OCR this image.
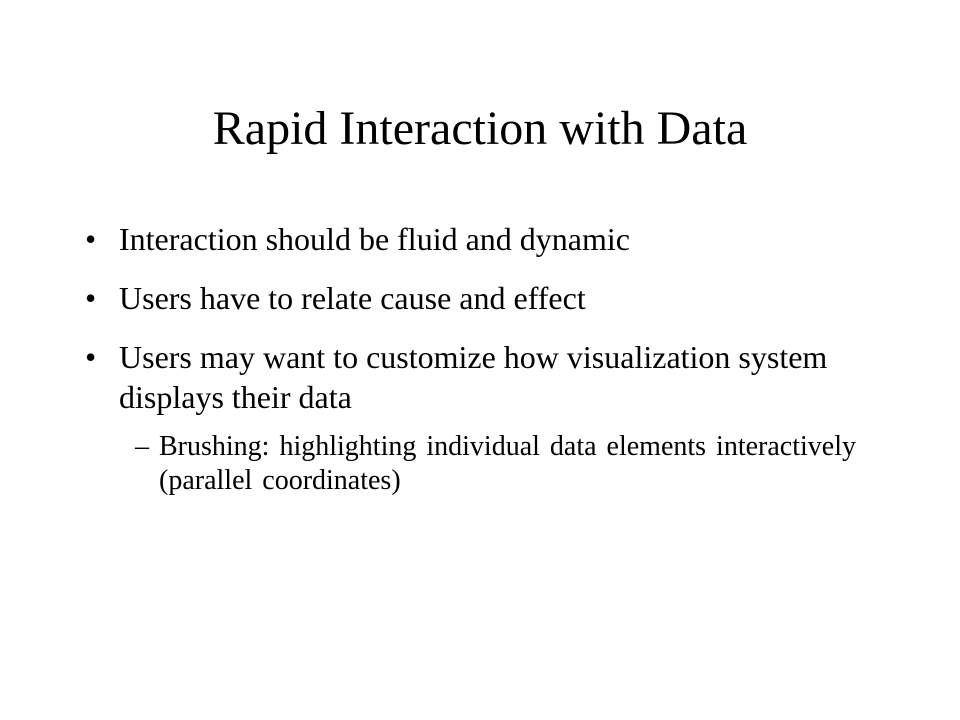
Rapid Interaction with Data
• Interaction should be fluid and dynamic
• Users have to relate cause and effect
• Users may want to customize how visualization system displays their data
– Brushing: highlighting individual data elements interactively (parallel coordinates)
